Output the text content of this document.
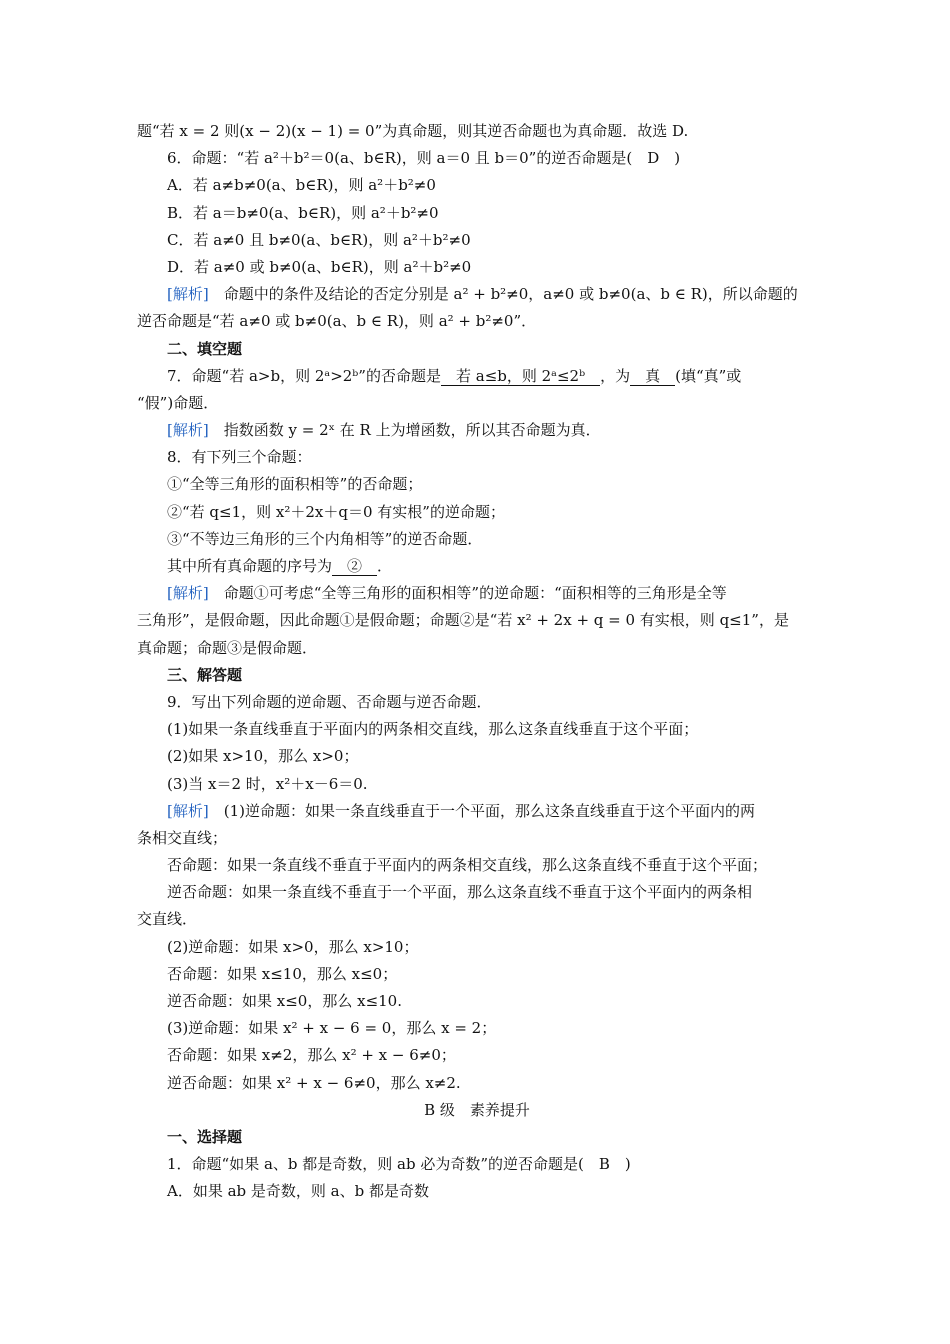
题“若 x = 2 则(x − 2)(x − 1) = 0”为真命题，则其逆否命题也为真命题．故选 D.
6．命题：“若 a²＋b²＝0(a、b∈R)，则 a＝0 且 b＝0”的逆否命题是(　D　)
A．若 a≠b≠0(a、b∈R)，则 a²＋b²≠0
B．若 a＝b≠0(a、b∈R)，则 a²＋b²≠0
C．若 a≠0 且 b≠0(a、b∈R)，则 a²＋b²≠0
D．若 a≠0 或 b≠0(a、b∈R)，则 a²＋b²≠0
[解析]　 命题中的条件及结论的否定分别是 a² + b²≠0，a≠0 或 b≠0(a、b ∈ R)，所以命题的
逆否命题是“若 a≠0 或 b≠0(a、b ∈ R)，则 a² + b²≠0”．
二、填空题
7．命题“若 a>b，则 2ᵃ>2ᵇ”的否命题是　若 a≤b，则 2ᵃ≤2ᵇ　，为　真　(填“真”或
“假”)命题．
[解析]　 指数函数 y = 2ˣ 在 R 上为增函数，所以其否命题为真．
8．有下列三个命题：
①“全等三角形的面积相等”的否命题；
②“若 q≤1，则 x²＋2x＋q＝0 有实根”的逆命题；
③“不等边三角形的三个内角相等”的逆否命题．
其中所有真命题的序号为　②　．
[解析]　 命题①可考虑“全等三角形的面积相等”的逆命题：“面积相等的三角形是全等
三角形”，是假命题，因此命题①是假命题；命题②是“若 x² + 2x + q = 0 有实根，则 q≤1”，是
真命题；命题③是假命题．
三、解答题
9．写出下列命题的逆命题、否命题与逆否命题．
(1)如果一条直线垂直于平面内的两条相交直线，那么这条直线垂直于这个平面；
(2)如果 x>10，那么 x>0；
(3)当 x＝2 时，x²＋x－6＝0.
[解析]　 (1)逆命题：如果一条直线垂直于一个平面，那么这条直线垂直于这个平面内的两
条相交直线；
否命题：如果一条直线不垂直于平面内的两条相交直线，那么这条直线不垂直于这个平面；
逆否命题：如果一条直线不垂直于一个平面，那么这条直线不垂直于这个平面内的两条相
交直线．
(2)逆命题：如果 x>0，那么 x>10；
否命题：如果 x≤10，那么 x≤0；
逆否命题：如果 x≤0，那么 x≤10.
(3)逆命题：如果 x² + x − 6 = 0，那么 x = 2；
否命题：如果 x≠2，那么 x² + x − 6≠0；
逆否命题：如果 x² + x − 6≠0，那么 x≠2.
B 级　素养提升
一、选择题
1．命题“如果 a、b 都是奇数，则 ab 必为奇数”的逆否命题是(　B　)
A．如果 ab 是奇数，则 a、b 都是奇数
